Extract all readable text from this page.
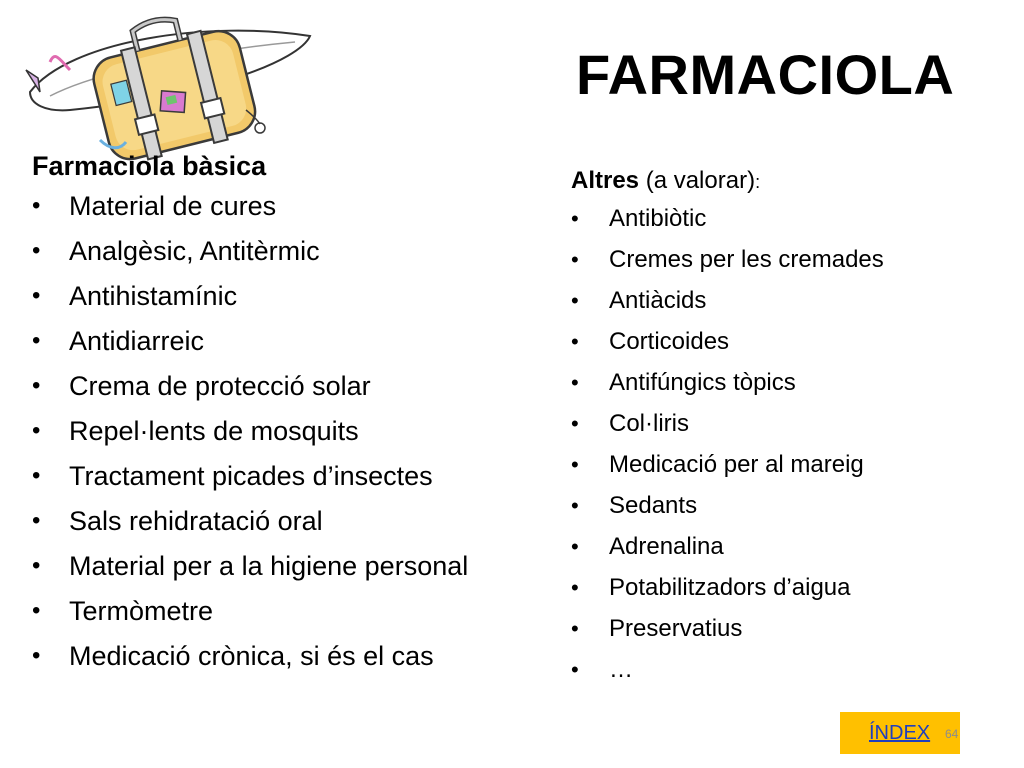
FARMACIOLA
Farmaciola bàsica
• Material de cures
• Analgèsic, Antitèrmic
• Antihistamínic
• Antidiarreic
• Crema de protecció solar
• Repel·lents de mosquits
• Tractament picades d’insectes
• Sals rehidratació oral
• Material per a la higiene personal
• Termòmetre
• Medicació crònica, si és el cas
Altres (a valorar):
• Antibiòtic
• Cremes per les cremades
• Antiàcids
• Corticoides
• Antifúngics tòpics
• Col·liris
• Medicació per al mareig
• Sedants
• Adrenalina
• Potabilitzadors d’aigua
• Preservatius
• …
ÍNDEX 64
